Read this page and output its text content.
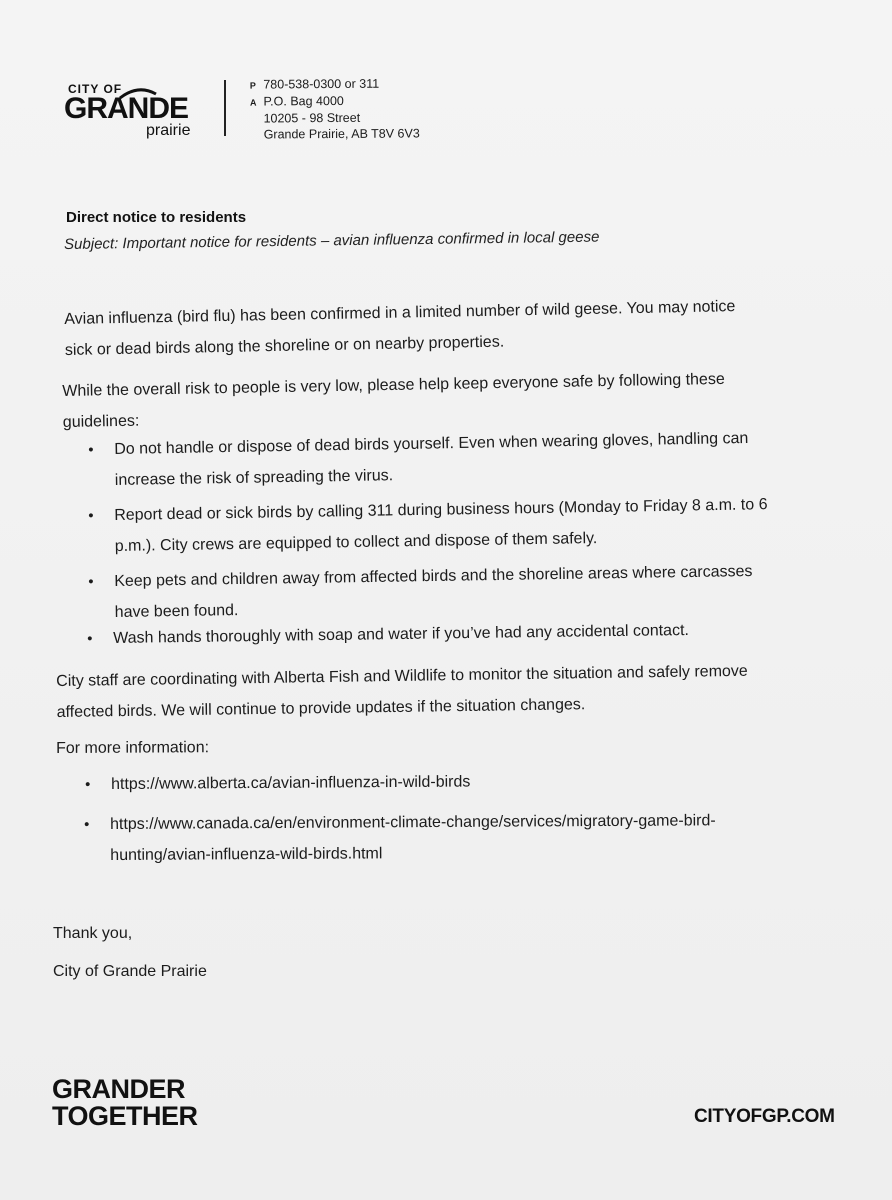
CITY OF
GRANDE
prairie
P 780-538-0300 or 311
A P.O. Bag 4000
10205 - 98 Street
Grande Prairie, AB T8V 6V3
Direct notice to residents
Subject: Important notice for residents – avian influenza confirmed in local geese
Avian influenza (bird flu) has been confirmed in a limited number of wild geese. You may notice
sick or dead birds along the shoreline or on nearby properties.
While the overall risk to people is very low, please help keep everyone safe by following these
guidelines:
• Do not handle or dispose of dead birds yourself. Even when wearing gloves, handling can
increase the risk of spreading the virus.
• Report dead or sick birds by calling 311 during business hours (Monday to Friday 8 a.m. to 6
p.m.). City crews are equipped to collect and dispose of them safely.
• Keep pets and children away from affected birds and the shoreline areas where carcasses
have been found.
• Wash hands thoroughly with soap and water if you’ve had any accidental contact.
City staff are coordinating with Alberta Fish and Wildlife to monitor the situation and safely remove
affected birds. We will continue to provide updates if the situation changes.
For more information:
• https://www.alberta.ca/avian-influenza-in-wild-birds
• https://www.canada.ca/en/environment-climate-change/services/migratory-game-bird-
hunting/avian-influenza-wild-birds.html
Thank you,
City of Grande Prairie
GRANDER
TOGETHER	CITYOFGP.COM
